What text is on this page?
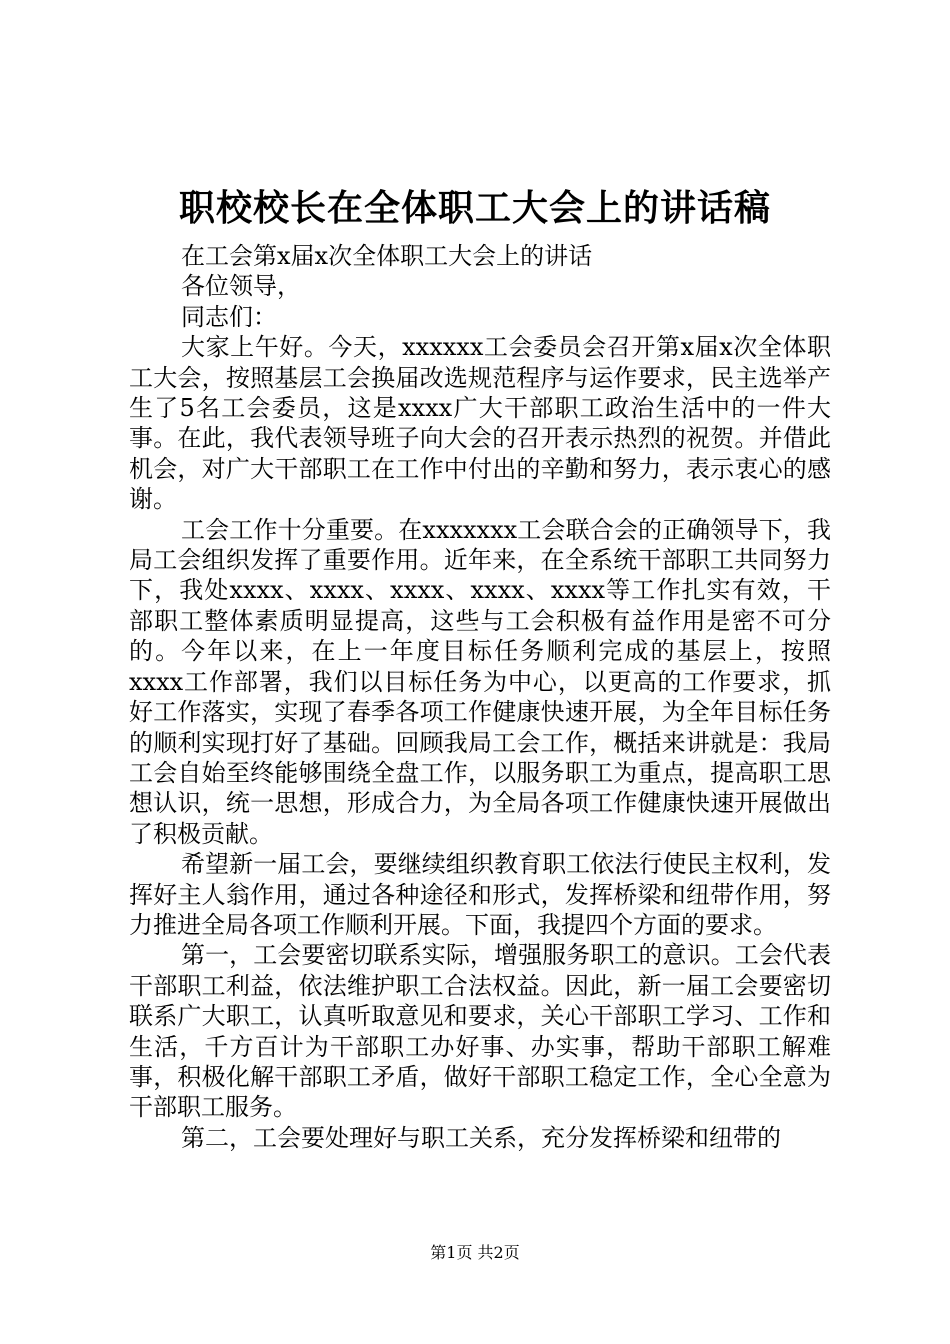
职校校长在全体职工大会上的讲话稿

在工会第x届x次全体职工大会上的讲话

各位领导，

同志们：

大家上午好。今天，xxxxxx工会委员会召开第x届x次全体职工大会，按照基层工会换届改选规范程序与运作要求，民主选举产生了5名工会委员，这是xxxx广大干部职工政治生活中的一件大事。在此，我代表领导班子向大会的召开表示热烈的祝贺。并借此机会，对广大干部职工在工作中付出的辛勤和努力，表示衷心的感谢。

工会工作十分重要。在xxxxxxx工会联合会的正确领导下，我局工会组织发挥了重要作用。近年来，在全系统干部职工共同努力下，我处xxxx、xxxx、xxxx、xxxx、xxxx等工作扎实有效，干部职工整体素质明显提高，这些与工会积极有益作用是密不可分的。今年以来，在上一年度目标任务顺利完成的基层上，按照xxxx工作部署，我们以目标任务为中心，以更高的工作要求，抓好工作落实，实现了春季各项工作健康快速开展，为全年目标任务的顺利实现打好了基础。回顾我局工会工作，概括来讲就是：我局工会自始至终能够围绕全盘工作，以服务职工为重点，提高职工思想认识，统一思想，形成合力，为全局各项工作健康快速开展做出了积极贡献。

希望新一届工会，要继续组织教育职工依法行使民主权利，发挥好主人翁作用，通过各种途径和形式，发挥桥梁和纽带作用，努力推进全局各项工作顺利开展。下面，我提四个方面的要求。

第一，工会要密切联系实际，增强服务职工的意识。工会代表干部职工利益，依法维护职工合法权益。因此，新一届工会要密切联系广大职工，认真听取意见和要求，关心干部职工学习、工作和生活，千方百计为干部职工办好事、办实事，帮助干部职工解难事，积极化解干部职工矛盾，做好干部职工稳定工作，全心全意为干部职工服务。

第二，工会要处理好与职工关系，充分发挥桥梁和纽带的

第1页 共2页
